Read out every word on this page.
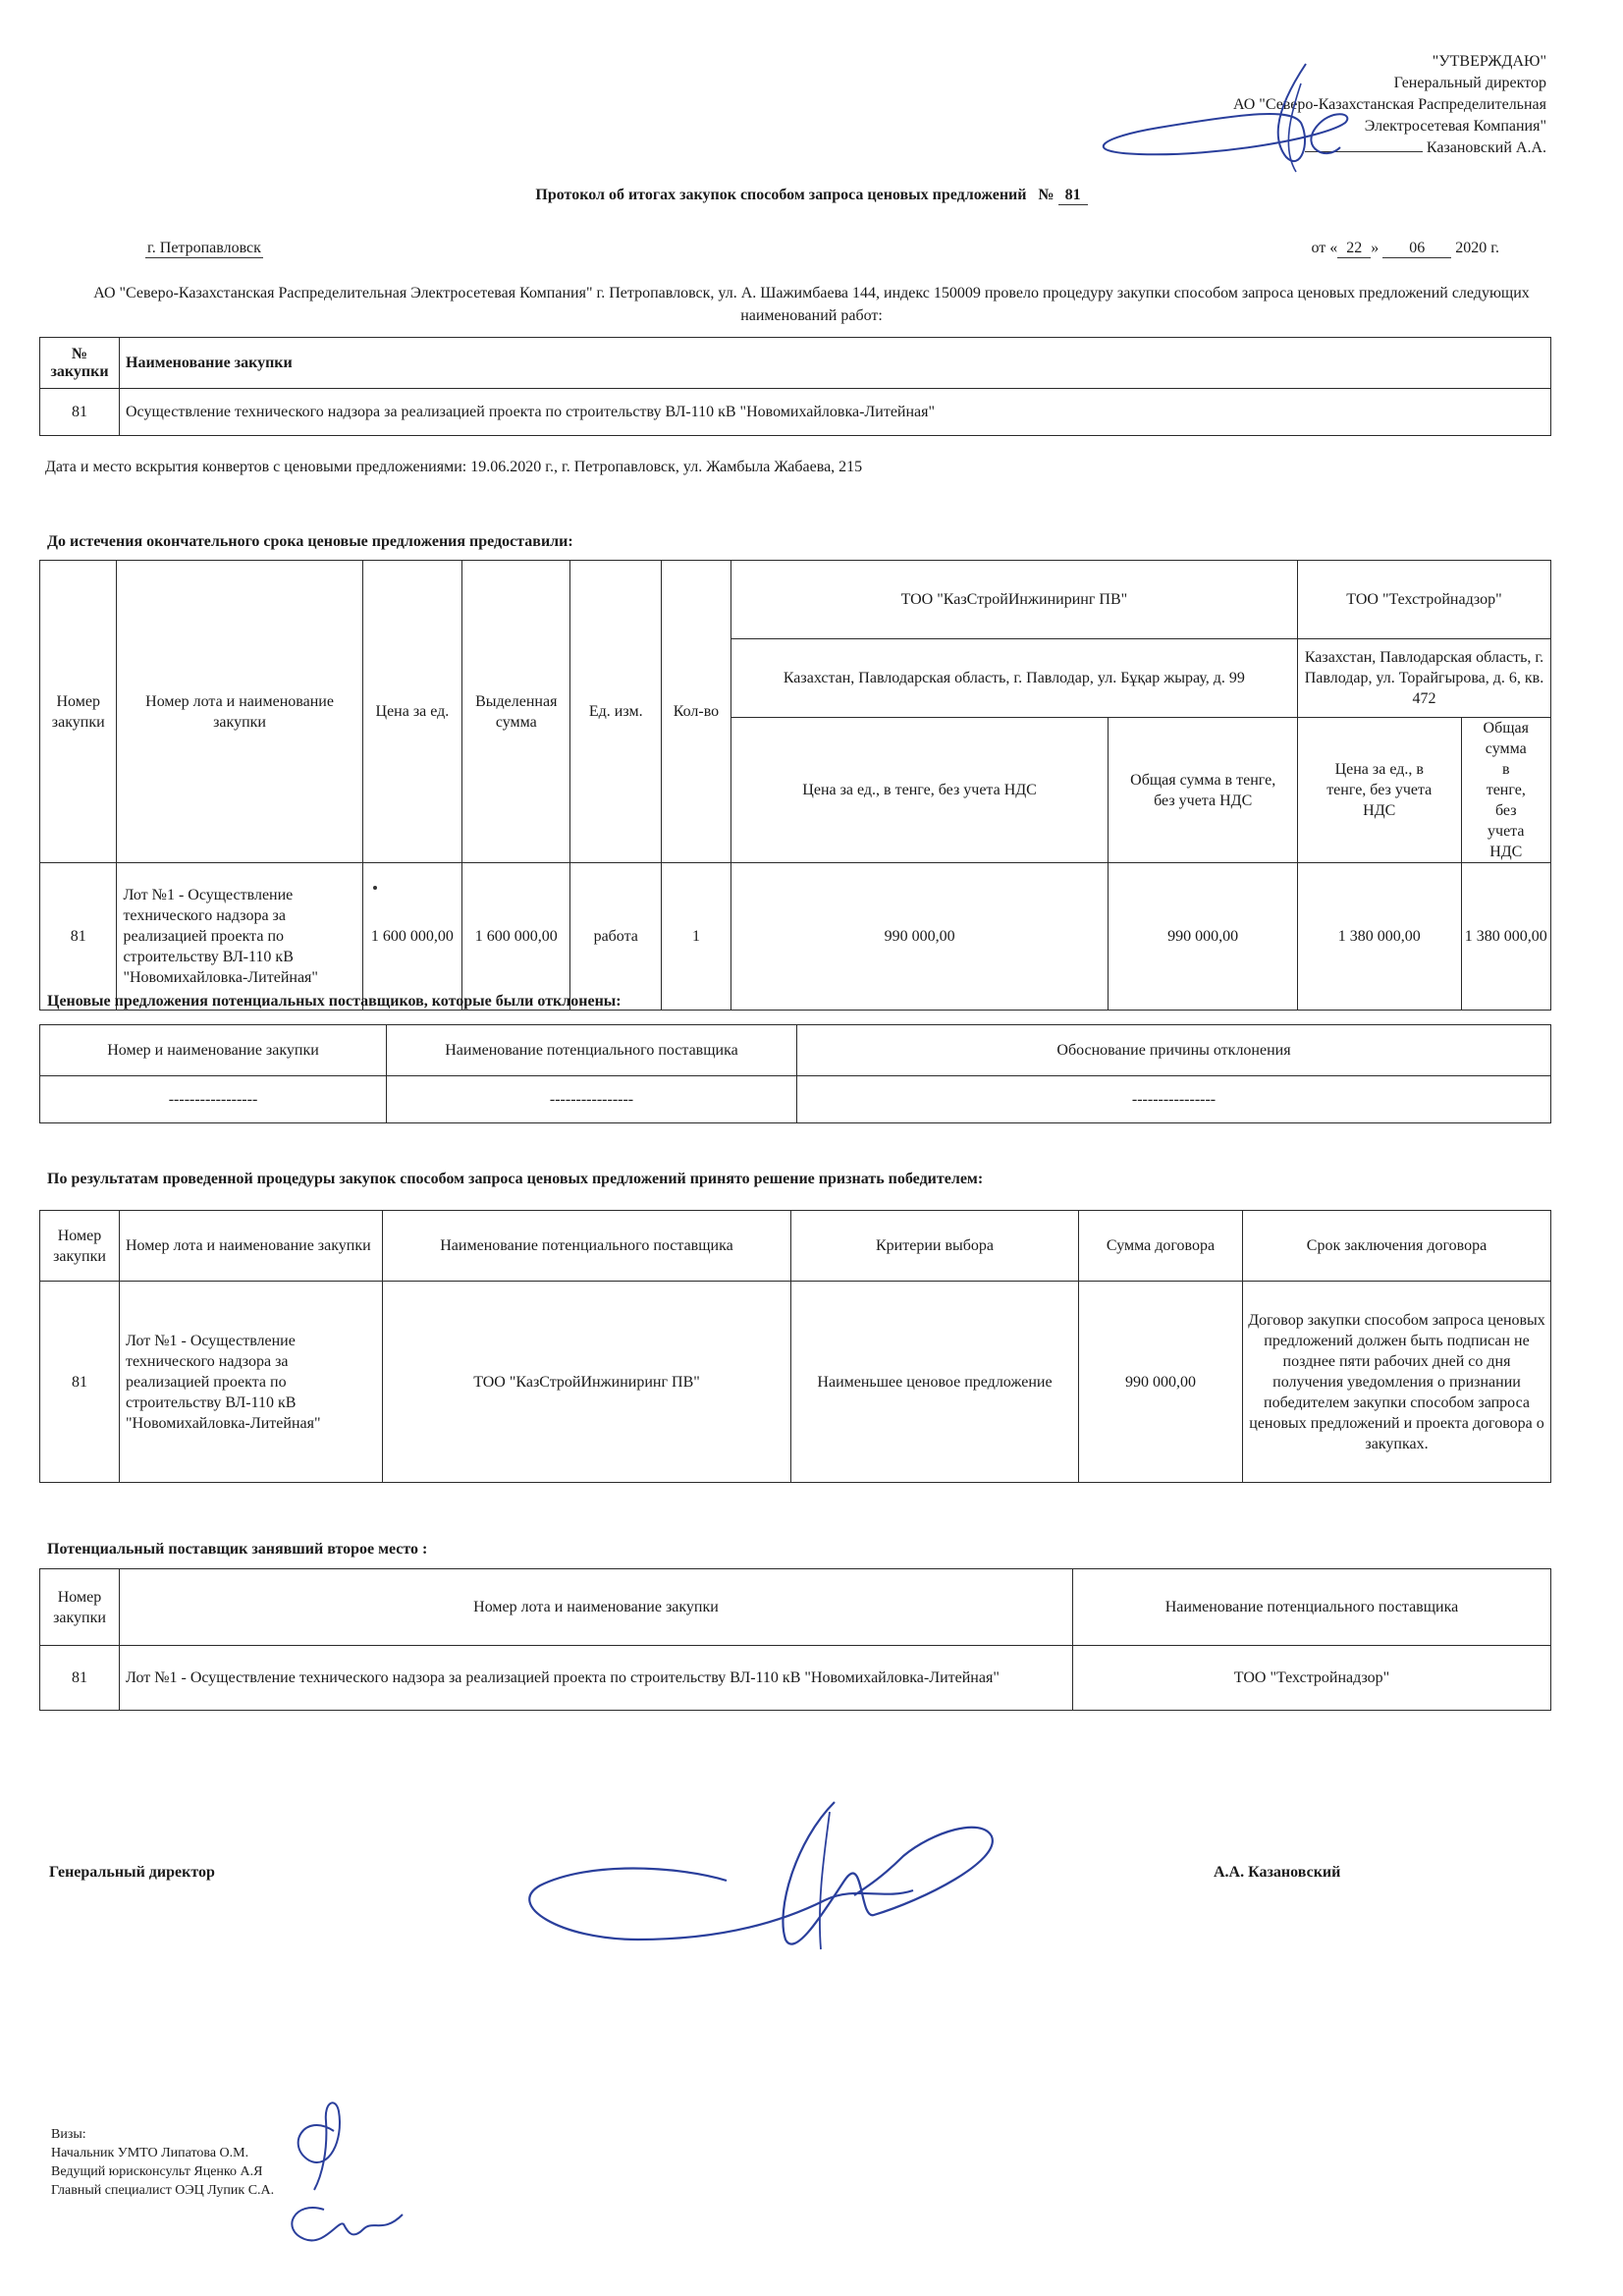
"УТВЕРЖДАЮ"
Генеральный директор
АО "Северо-Казахстанская Распределительная
Электросетевая Компания"
Казановский А.А.
Протокол об итогах закупок способом запроса ценовых предложений № 81
г. Петропавловск	от « 22 » 06 2020 г.
АО "Северо-Казахстанская Распределительная Электросетевая Компания" г. Петропавловск, ул. А. Шажимбаева 144, индекс 150009 провело процедуру закупки способом запроса ценовых предложений следующих наименований работ:
№ закупки	Наименование закупки
81	Осуществление технического надзора за реализацией проекта по строительству ВЛ-110 кВ "Новомихайловка-Литейная"
Дата и место вскрытия конвертов с ценовыми предложениями: 19.06.2020 г., г. Петропавловск, ул. Жамбыла Жабаева, 215
До истечения окончательного срока ценовые предложения предоставили:
Номер закупки	Номер лота и наименование закупки	Цена за ед.	Выделенная сумма	Ед. изм.	Кол-во	ТОО "КазСтройИнжиниринг ПВ"		ТОО "Техстройнадзор"	
						Казахстан, Павлодарская область, г. Павлодар, ул. Бұқар жырау, д. 99		Казахстан, Павлодарская область, г. Павлодар, ул. Торайгырова, д. 6, кв. 472	
						Цена за ед., в тенге, без учета НДС	Общая сумма в тенге, без учета НДС	Цена за ед., в тенге, без учета НДС	Общая сумма в тенге, без учета НДС
81	Лот №1 - Осуществление технического надзора за реализацией проекта по строительству ВЛ-110 кВ "Новомихайловка-Литейная"	1 600 000,00	1 600 000,00	работа	1	990 000,00	990 000,00	1 380 000,00	1 380 000,00
Ценовые предложения потенциальных поставщиков, которые были отклонены:
Номер и наименование закупки	Наименование потенциального поставщика	Обоснование причины отклонения
-----------------	----------------	----------------
По результатам проведенной процедуры закупок способом запроса ценовых предложений принято решение признать победителем:
Номер закупки	Номер лота и наименование закупки	Наименование потенциального поставщика	Критерии выбора	Сумма договора	Срок заключения договора
81	Лот №1 - Осуществление технического надзора за реализацией проекта по строительству ВЛ-110 кВ "Новомихайловка-Литейная"	ТОО "КазСтройИнжиниринг ПВ"	Наименьшее ценовое предложение	990 000,00	Договор закупки способом запроса ценовых предложений должен быть подписан не позднее пяти рабочих дней со дня получения уведомления о признании победителем закупки способом запроса ценовых предложений и проекта договора о закупках.
Потенциальный поставщик занявший второе место :
Номер закупки	Номер лота и наименование закупки	Наименование потенциального поставщика
81	Лот №1 - Осуществление технического надзора за реализацией проекта по строительству ВЛ-110 кВ "Новомихайловка-Литейная"	ТОО "Техстройнадзор"
Генеральный директор	А.А. Казановский
Визы:
Начальник УМТО Липатова О.М.
Ведущий юрисконсульт Яценко А.Я
Главный специалист ОЭЦ Лупик С.А.
